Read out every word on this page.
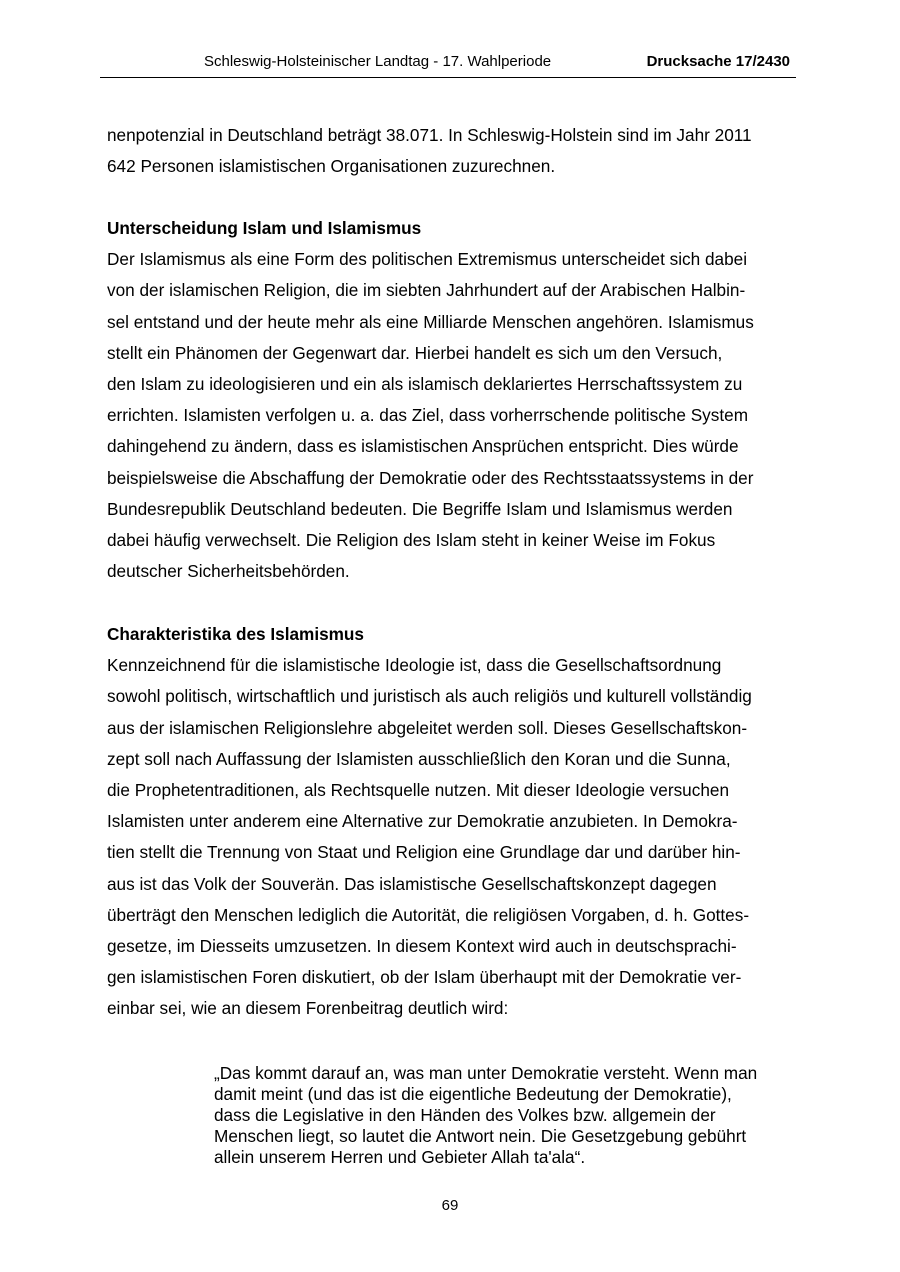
Schleswig-Holsteinischer Landtag - 17. Wahlperiode	Drucksache 17/2430
nenpotenzial in Deutschland beträgt 38.071. In Schleswig-Holstein sind im Jahr 2011
642 Personen islamistischen Organisationen zuzurechnen.
Unterscheidung Islam und Islamismus
Der Islamismus als eine Form des politischen Extremismus unterscheidet sich dabei
von der islamischen Religion, die im siebten Jahrhundert auf der Arabischen Halbin-
sel entstand und der heute mehr als eine Milliarde Menschen angehören. Islamismus
stellt ein Phänomen der Gegenwart dar. Hierbei handelt es sich um den Versuch,
den Islam zu ideologisieren und ein als islamisch deklariertes Herrschaftssystem zu
errichten. Islamisten verfolgen u. a. das Ziel, dass vorherrschende politische System
dahingehend zu ändern, dass es islamistischen Ansprüchen entspricht. Dies würde
beispielsweise die Abschaffung der Demokratie oder des Rechtsstaatssystems in der
Bundesrepublik Deutschland bedeuten. Die Begriffe Islam und Islamismus werden
dabei häufig verwechselt. Die Religion des Islam steht in keiner Weise im Fokus
deutscher Sicherheitsbehörden.
Charakteristika des Islamismus
Kennzeichnend für die islamistische Ideologie ist, dass die Gesellschaftsordnung
sowohl politisch, wirtschaftlich und juristisch als auch religiös und kulturell vollständig
aus der islamischen Religionslehre abgeleitet werden soll. Dieses Gesellschaftskon-
zept soll nach Auffassung der Islamisten ausschließlich den Koran und die Sunna,
die Prophetentraditionen, als Rechtsquelle nutzen. Mit dieser Ideologie versuchen
Islamisten unter anderem eine Alternative zur Demokratie anzubieten. In Demokra-
tien stellt die Trennung von Staat und Religion eine Grundlage dar und darüber hin-
aus ist das Volk der Souverän. Das islamistische Gesellschaftskonzept dagegen
überträgt den Menschen lediglich die Autorität, die religiösen Vorgaben, d. h. Gottes-
gesetze, im Diesseits umzusetzen. In diesem Kontext wird auch in deutschsprachi-
gen islamistischen Foren diskutiert, ob der Islam überhaupt mit der Demokratie ver-
einbar sei, wie an diesem Forenbeitrag deutlich wird:
„Das kommt darauf an, was man unter Demokratie versteht. Wenn man
damit meint (und das ist die eigentliche Bedeutung der Demokratie),
dass die Legislative in den Händen des Volkes bzw. allgemein der
Menschen liegt, so lautet die Antwort nein. Die Gesetzgebung gebührt
allein unserem Herren und Gebieter Allah ta'ala“.
69
